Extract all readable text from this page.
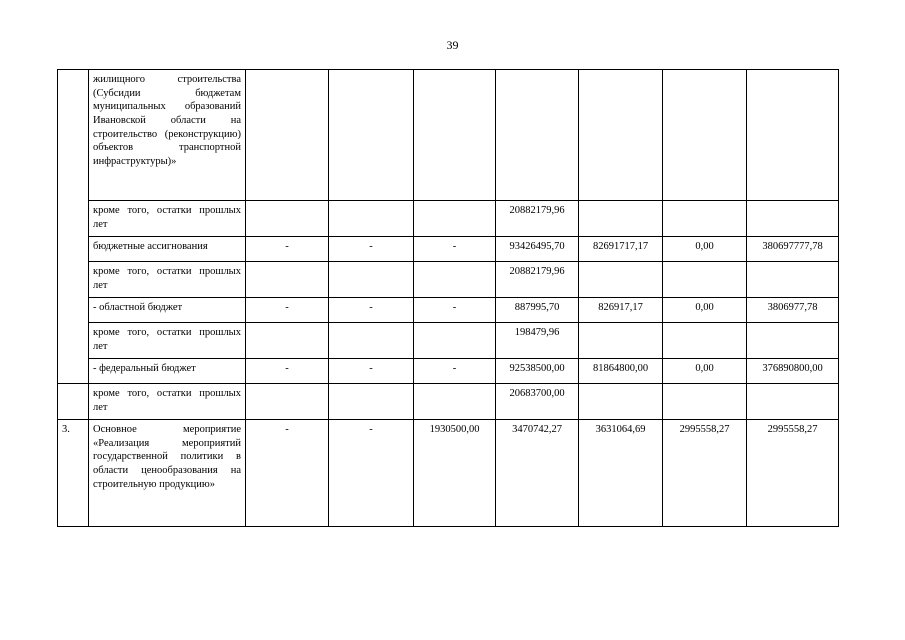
39
	жилищного строительства (Субсидии бюджетам муниципальных образований Ивановской области на строительство (реконструкцию) объектов транспортной инфраструктуры)»							
	кроме того, остатки прошлых лет				20882179,96			
	бюджетные ассигнования	-	-	-	93426495,70	82691717,17	0,00	380697777,78
	кроме того, остатки прошлых лет				20882179,96			
	- областной бюджет	-	-	-	887995,70	826917,17	0,00	3806977,78
	кроме того, остатки прошлых лет				198479,96			
	- федеральный бюджет	-	-	-	92538500,00	81864800,00	0,00	376890800,00
	кроме того, остатки прошлых лет				20683700,00			
3.	Основное мероприятие «Реализация мероприятий государственной политики в области ценообразования на строительную продукцию»	-	-	1930500,00	3470742,27	3631064,69	2995558,27	2995558,27
